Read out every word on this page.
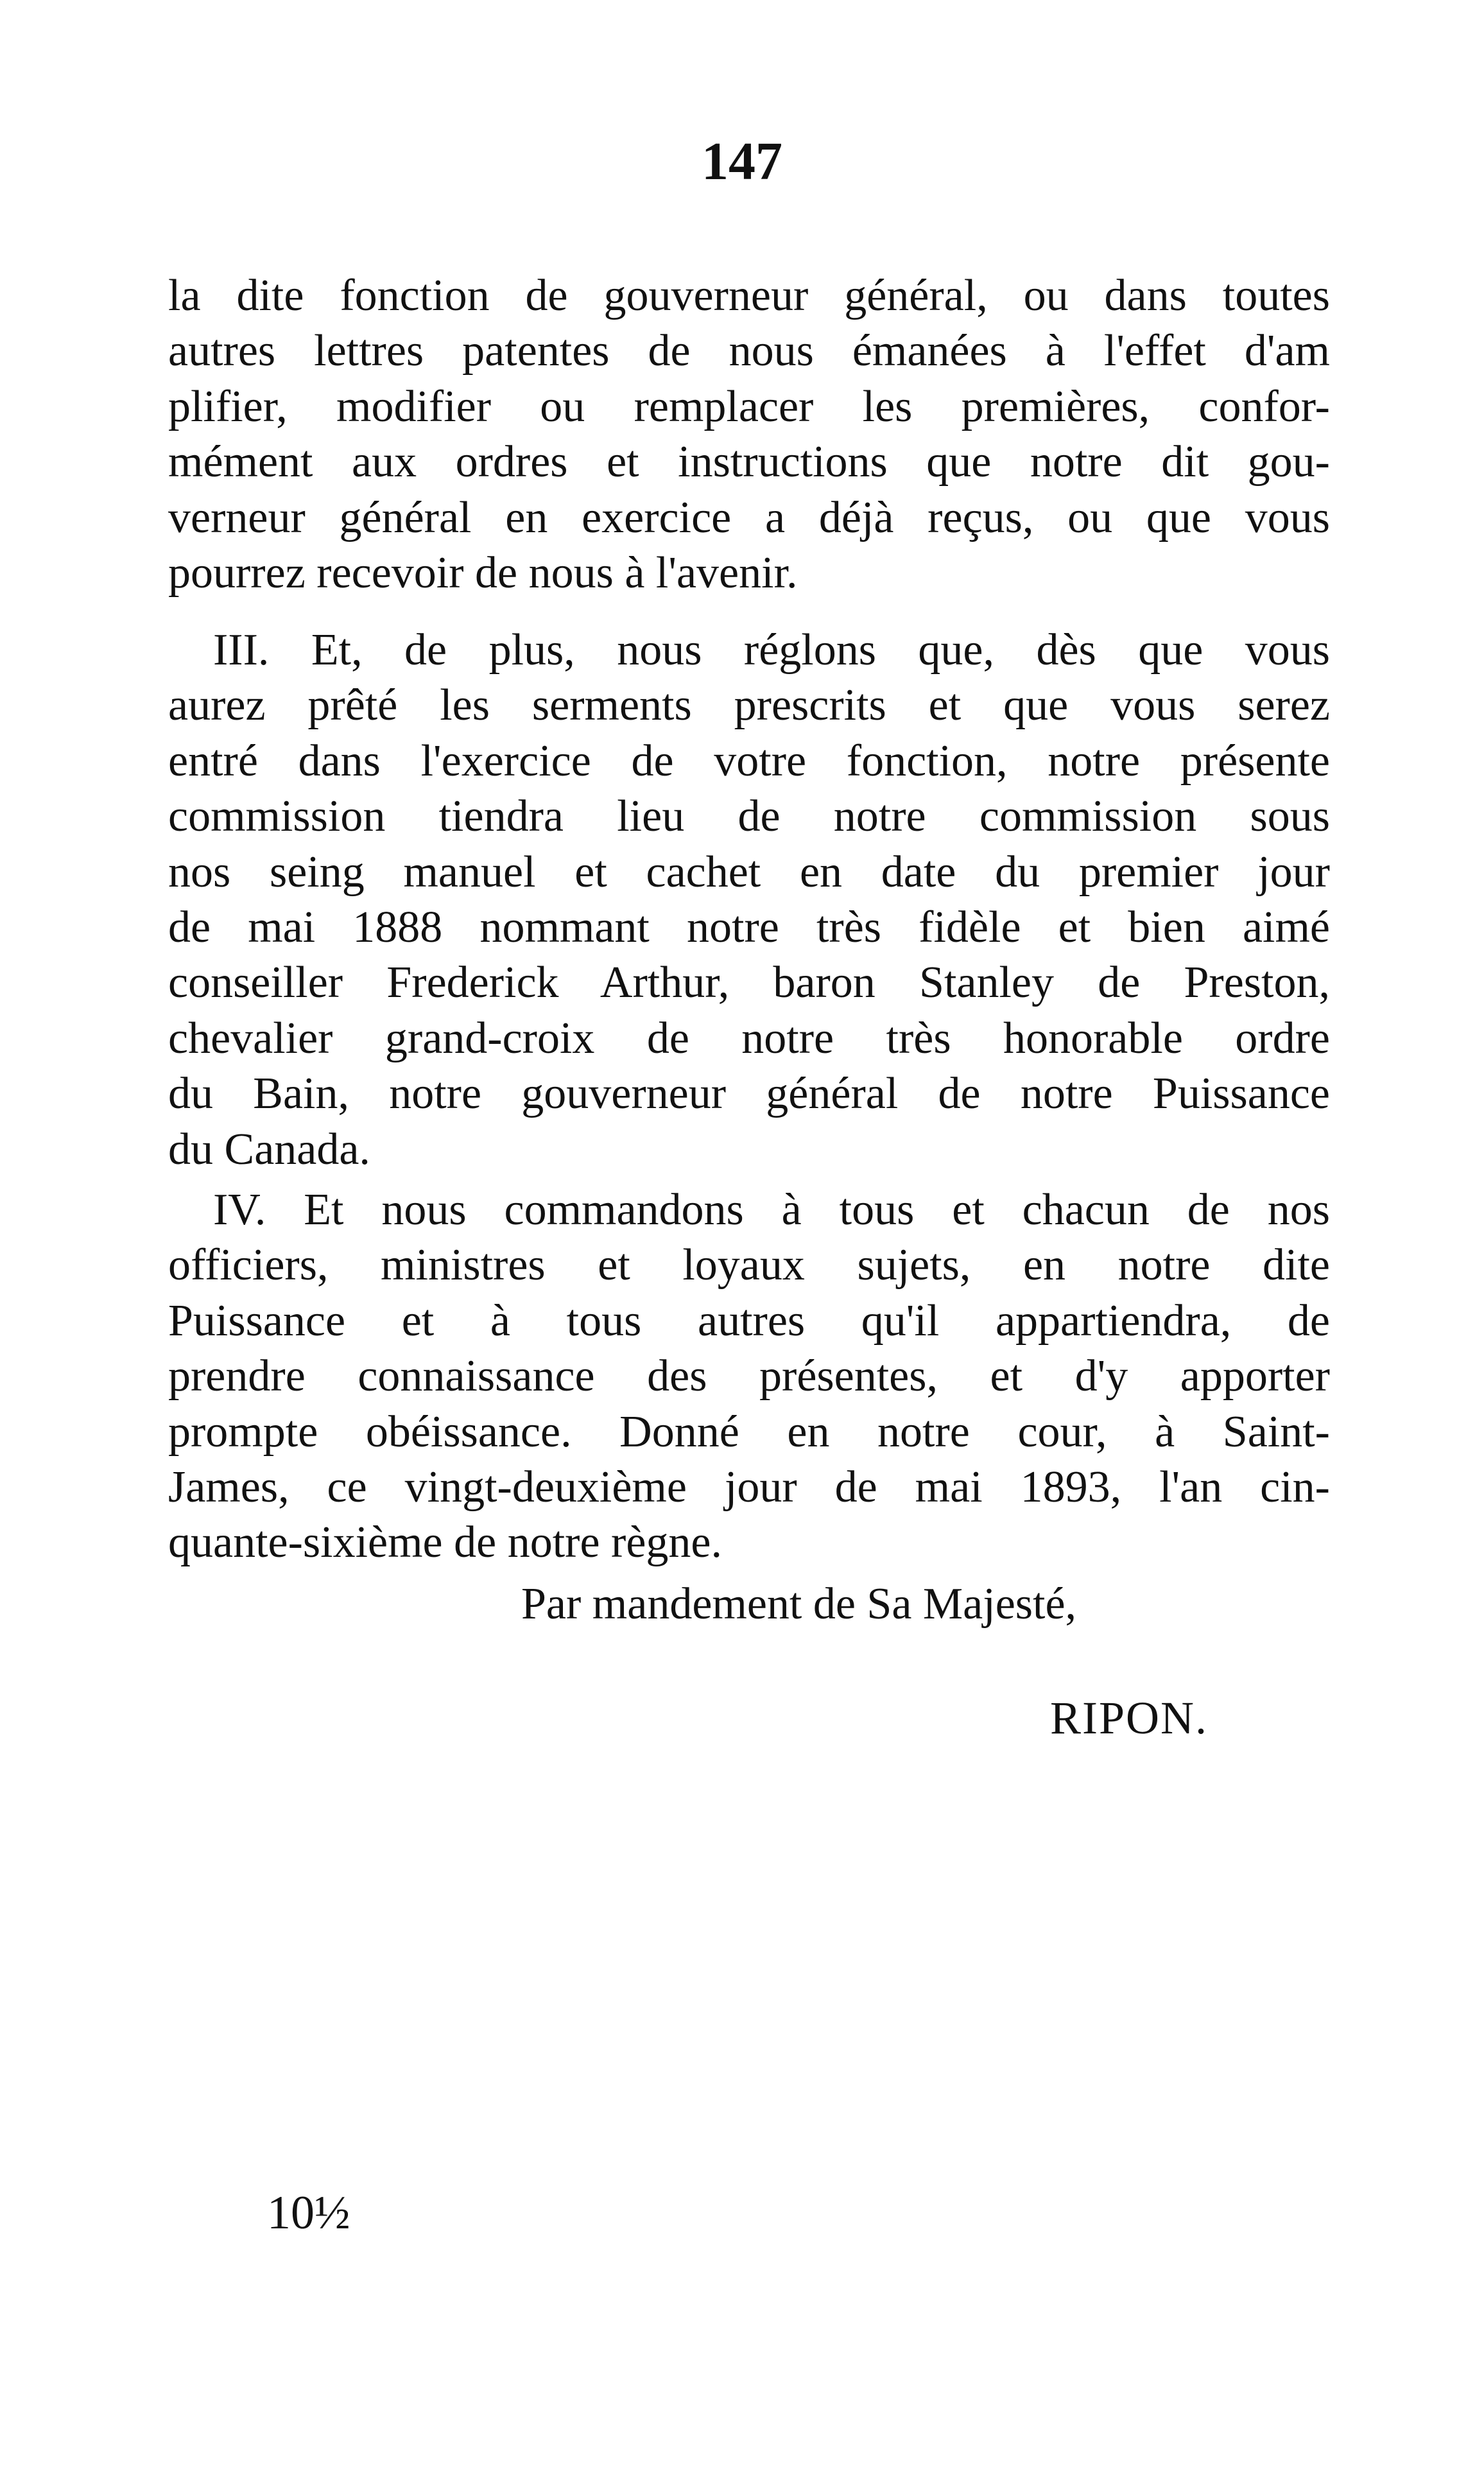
147
la dite fonction de gouverneur général, ou dans toutes
autres lettres patentes de nous émanées à l'effet d'am
plifier, modifier ou remplacer les premières, confor-
mément aux ordres et instructions que notre dit gou-
verneur général en exercice a déjà reçus, ou que vous
pourrez recevoir de nous à l'avenir.
III. Et, de plus, nous réglons que, dès que vous
aurez prêté les serments prescrits et que vous serez
entré dans l'exercice de votre fonction, notre présente
commission tiendra lieu de notre commission sous
nos seing manuel et cachet en date du premier jour
de mai 1888 nommant notre très fidèle et bien aimé
conseiller Frederick Arthur, baron Stanley de Preston,
chevalier grand-croix de notre très honorable ordre
du Bain, notre gouverneur général de notre Puissance
du Canada.
IV. Et nous commandons à tous et chacun de nos
officiers, ministres et loyaux sujets, en notre dite
Puissance et à tous autres qu'il appartiendra, de
prendre connaissance des présentes, et d'y apporter
prompte obéissance. Donné en notre cour, à Saint-
James, ce vingt-deuxième jour de mai 1893, l'an cin-
quante-sixième de notre règne.
Par mandement de Sa Majesté,
RIPON.
10½
